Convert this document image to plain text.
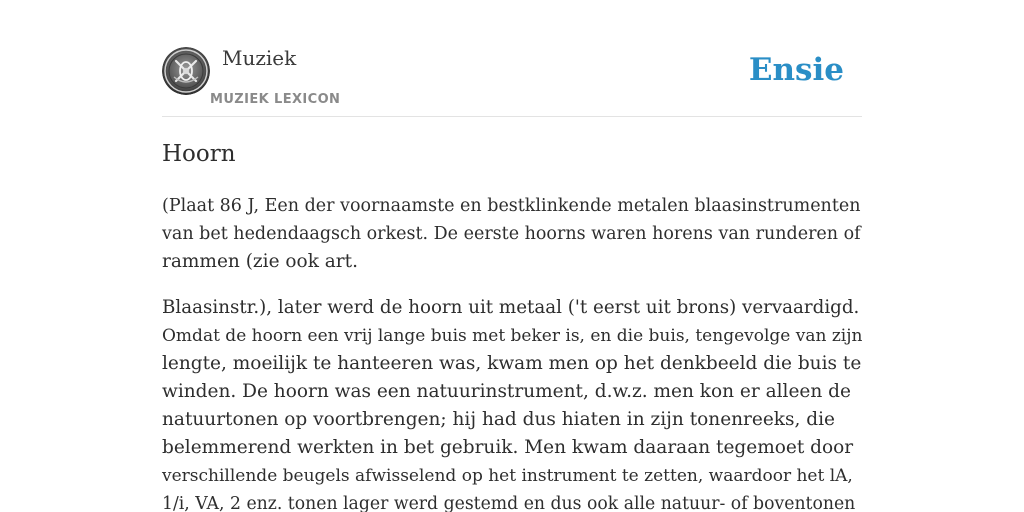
Muziek
MUZIEK LEXICON
Ensie
Hoorn

(Plaat 86 J, Een der voornaamste en bestklinkende metalen blaasinstrumenten
van bet hedendaagsch orkest. De eerste hoorns waren horens van runderen of
rammen (zie ook art.

Blaasinstr.), later werd de hoorn uit metaal ('t eerst uit brons) vervaardigd.
Omdat de hoorn een vrij lange buis met beker is, en die buis, tengevolge van zijn
lengte, moeilijk te hanteeren was, kwam men op het denkbeeld die buis te
winden. De hoorn was een natuurinstrument, d.w.z. men kon er alleen de
natuurtonen op voortbrengen; hij had dus hiaten in zijn tonenreeks, die
belemmerend werkten in bet gebruik. Men kwam daaraan tegemoet door
verschillende beugels afwisselend op het instrument te zetten, waardoor het lA,
1/i, VA, 2 enz. tonen lager werd gestemd en dus ook alle natuur- of boventonen
